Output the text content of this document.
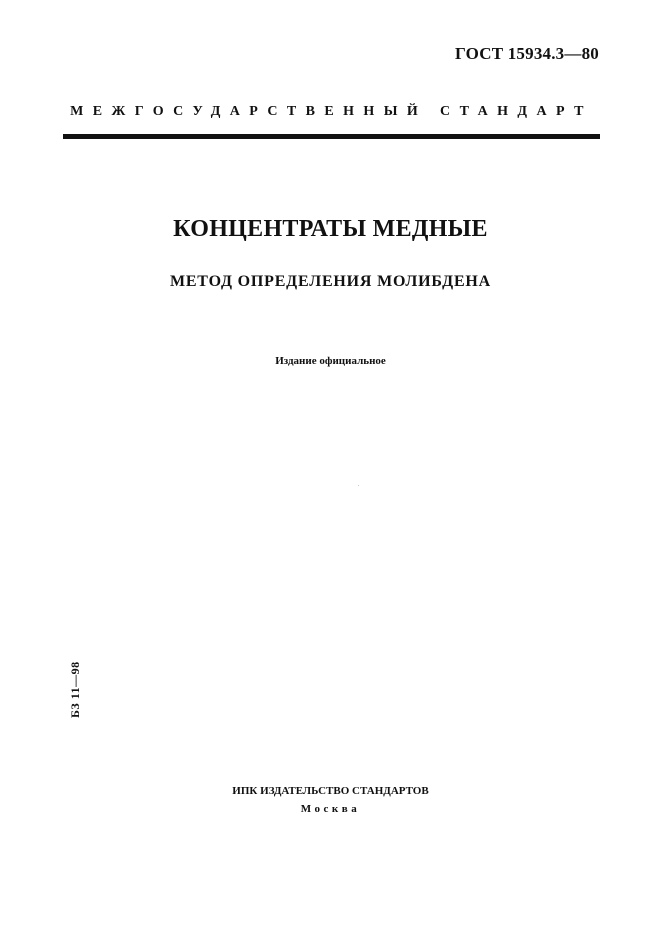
ГОСТ 15934.3—80
МЕЖГОСУДАРСТВЕННЫЙ СТАНДАРТ
КОНЦЕНТРАТЫ МЕДНЫЕ
МЕТОД ОПРЕДЕЛЕНИЯ МОЛИБДЕНА
Издание официальное
БЗ 11—98
ИПК ИЗДАТЕЛЬСТВО СТАНДАРТОВ
Москва
